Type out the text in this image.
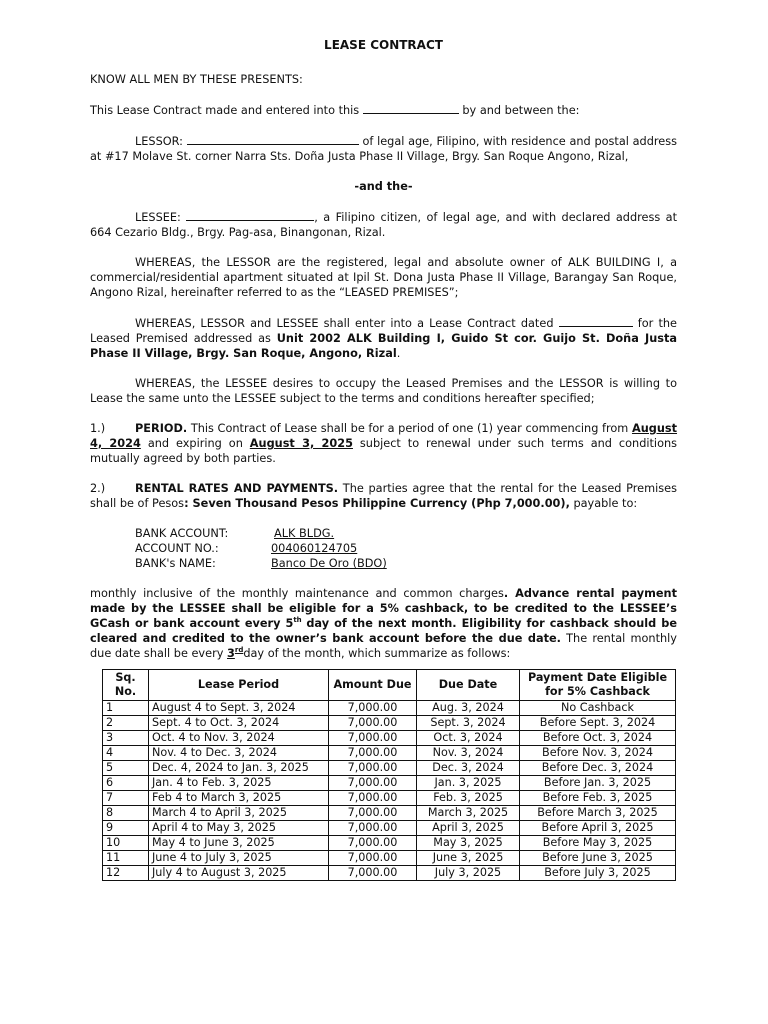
LEASE CONTRACT

KNOW ALL MEN BY THESE PRESENTS:

This Lease Contract made and entered into this	by and between the:

LESSOR:	of legal age, Filipino, with residence and postal address at #17 Molave St. corner Narra Sts. Doña Justa Phase II Village, Brgy. San Roque Angono, Rizal,

-and the-

LESSEE:	, a Filipino citizen, of legal age, and with declared address at 664 Cezario Bldg., Brgy. Pag-asa, Binangonan, Rizal.

WHEREAS, the LESSOR are the registered, legal and absolute owner of ALK BUILDING I, a commercial/residential apartment situated at Ipil St. Dona Justa Phase II Village, Barangay San Roque, Angono Rizal, hereinafter referred to as the “LEASED PREMISES”;

WHEREAS, LESSOR and LESSEE shall enter into a Lease Contract dated	for the Leased Premised addressed as Unit 2002 ALK Building I, Guido St cor. Guijo St. Doña Justa Phase II Village, Brgy. San Roque, Angono, Rizal.

WHEREAS, the LESSEE desires to occupy the Leased Premises and the LESSOR is willing to Lease the same unto the LESSEE subject to the terms and conditions hereafter specified;

1.)	PERIOD. This Contract of Lease shall be for a period of one (1) year commencing from August 4, 2024 and expiring on August 3, 2025 subject to renewal under such terms and conditions mutually agreed by both parties.

2.)	RENTAL RATES AND PAYMENTS. The parties agree that the rental for the Leased Premises shall be of Pesos: Seven Thousand Pesos Philippine Currency (Php 7,000.00), payable to:

BANK ACCOUNT:	ALK BLDG.
ACCOUNT NO.:	004060124705
BANK's NAME:	Banco De Oro (BDO)

monthly inclusive of the monthly maintenance and common charges. Advance rental payment made by the LESSEE shall be eligible for a 5% cashback, to be credited to the LESSEE’s GCash or bank account every 5th day of the next month. Eligibility for cashback should be cleared and credited to the owner’s bank account before the due date. The rental monthly due date shall be every 3rdday of the month, which summarize as follows:

Sq. No.	Lease Period	Amount Due	Due Date	Payment Date Eligible for 5% Cashback
1	August 4 to Sept. 3, 2024	7,000.00	Aug. 3, 2024	No Cashback
2	Sept. 4 to Oct. 3, 2024	7,000.00	Sept. 3, 2024	Before Sept. 3, 2024
3	Oct. 4 to Nov. 3, 2024	7,000.00	Oct. 3, 2024	Before Oct. 3, 2024
4	Nov. 4 to Dec. 3, 2024	7,000.00	Nov. 3, 2024	Before Nov. 3, 2024
5	Dec. 4, 2024 to Jan. 3, 2025	7,000.00	Dec. 3, 2024	Before Dec. 3, 2024
6	Jan. 4 to Feb. 3, 2025	7,000.00	Jan. 3, 2025	Before Jan. 3, 2025
7	Feb 4 to March 3, 2025	7,000.00	Feb. 3, 2025	Before Feb. 3, 2025
8	March 4 to April 3, 2025	7,000.00	March 3, 2025	Before March 3, 2025
9	April 4 to May 3, 2025	7,000.00	April 3, 2025	Before April 3, 2025
10	May 4 to June 3, 2025	7,000.00	May 3, 2025	Before May 3, 2025
11	June 4 to July 3, 2025	7,000.00	June 3, 2025	Before June 3, 2025
12	July 4 to August 3, 2025	7,000.00	July 3, 2025	Before July 3, 2025
